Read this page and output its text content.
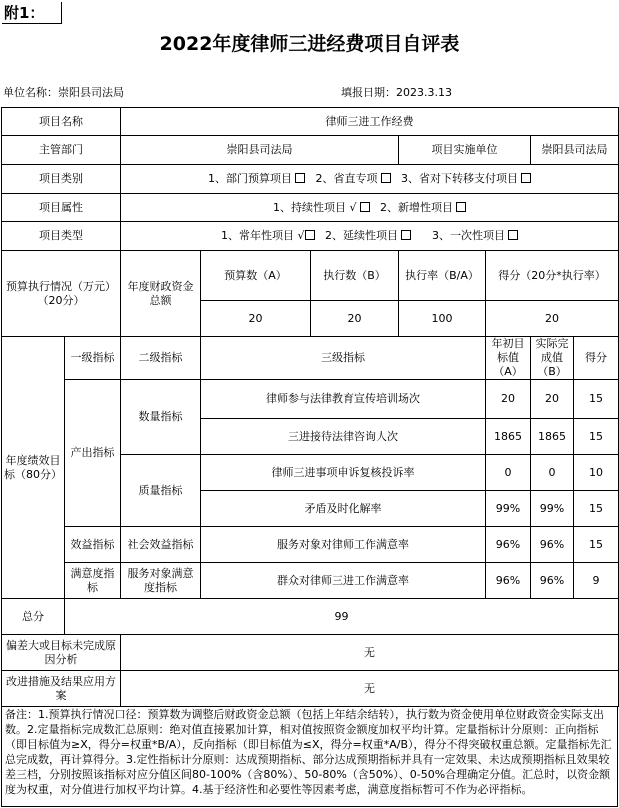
附1：
2022年度律师三进经费项目自评表
单位名称：崇阳县司法局	填报日期：2023.3.13
项目名称		律师三进工作经费						
主管部门		崇阳县司法局			项目实施单位		崇阳县司法局	
项目类别		1、部门预算项目 2、省直专项 3、省对下转移支付项目						
项目属性		1、持续性项目 √ 2、新增性项目						
项目类型		1、常年性项目 √ 2、延续性项目 3、一次性项目						
预算执行情况（万元） （20分）		年度财政资金总额	预算数（A）	执行数（B）	执行率（B/A）	得分（20分*执行率）		
			20	20	100	20		
年度绩效目标（80分）	一级指标	二级指标	三级指标			年初目标值（A）	实际完成值（B）	得分
	产出指标	数量指标	律师参与法律教育宣传培训场次			20	20	15
			三进接待法律咨询人次			1865	1865	15
		质量指标	律师三进事项申诉复核投诉率			0	0	10
			矛盾及时化解率			99%	99%	15
	效益指标	社会效益指标	服务对象对律师工作满意率			96%	96%	15
	满意度指标	服务对象满意度指标	群众对律师三进工作满意率			96%	96%	9
总分	99							
偏差大或目标未完成原因分析		无						
改进措施及结果应用方案		无						
备注：1.预算执行情况口径：预算数为调整后财政资金总额（包括上年结余结转），执行数为资金使用单位财政资金实际支出数。2.定量指标完成数汇总原则：绝对值直接累加计算，相对值按照资金额度加权平均计算。定量指标计分原则：正向指标（即目标值为≥X，得分=权重*B/A），反向指标（即目标值为≤X，得分=权重*A/B），得分不得突破权重总额。定量指标先汇总完成数，再计算得分。3.定性指标计分原则：达成预期指标、部分达成预期指标并具有一定效果、未达成预期指标且效果较差三档，分别按照该指标对应分值区间80-100%（含80%）、50-80%（含50%）、0-50%合理确定分值。汇总时，以资金额度为权重，对分值进行加权平均计算。4.基于经济性和必要性等因素考虑，满意度指标暂可不作为必评指标。
